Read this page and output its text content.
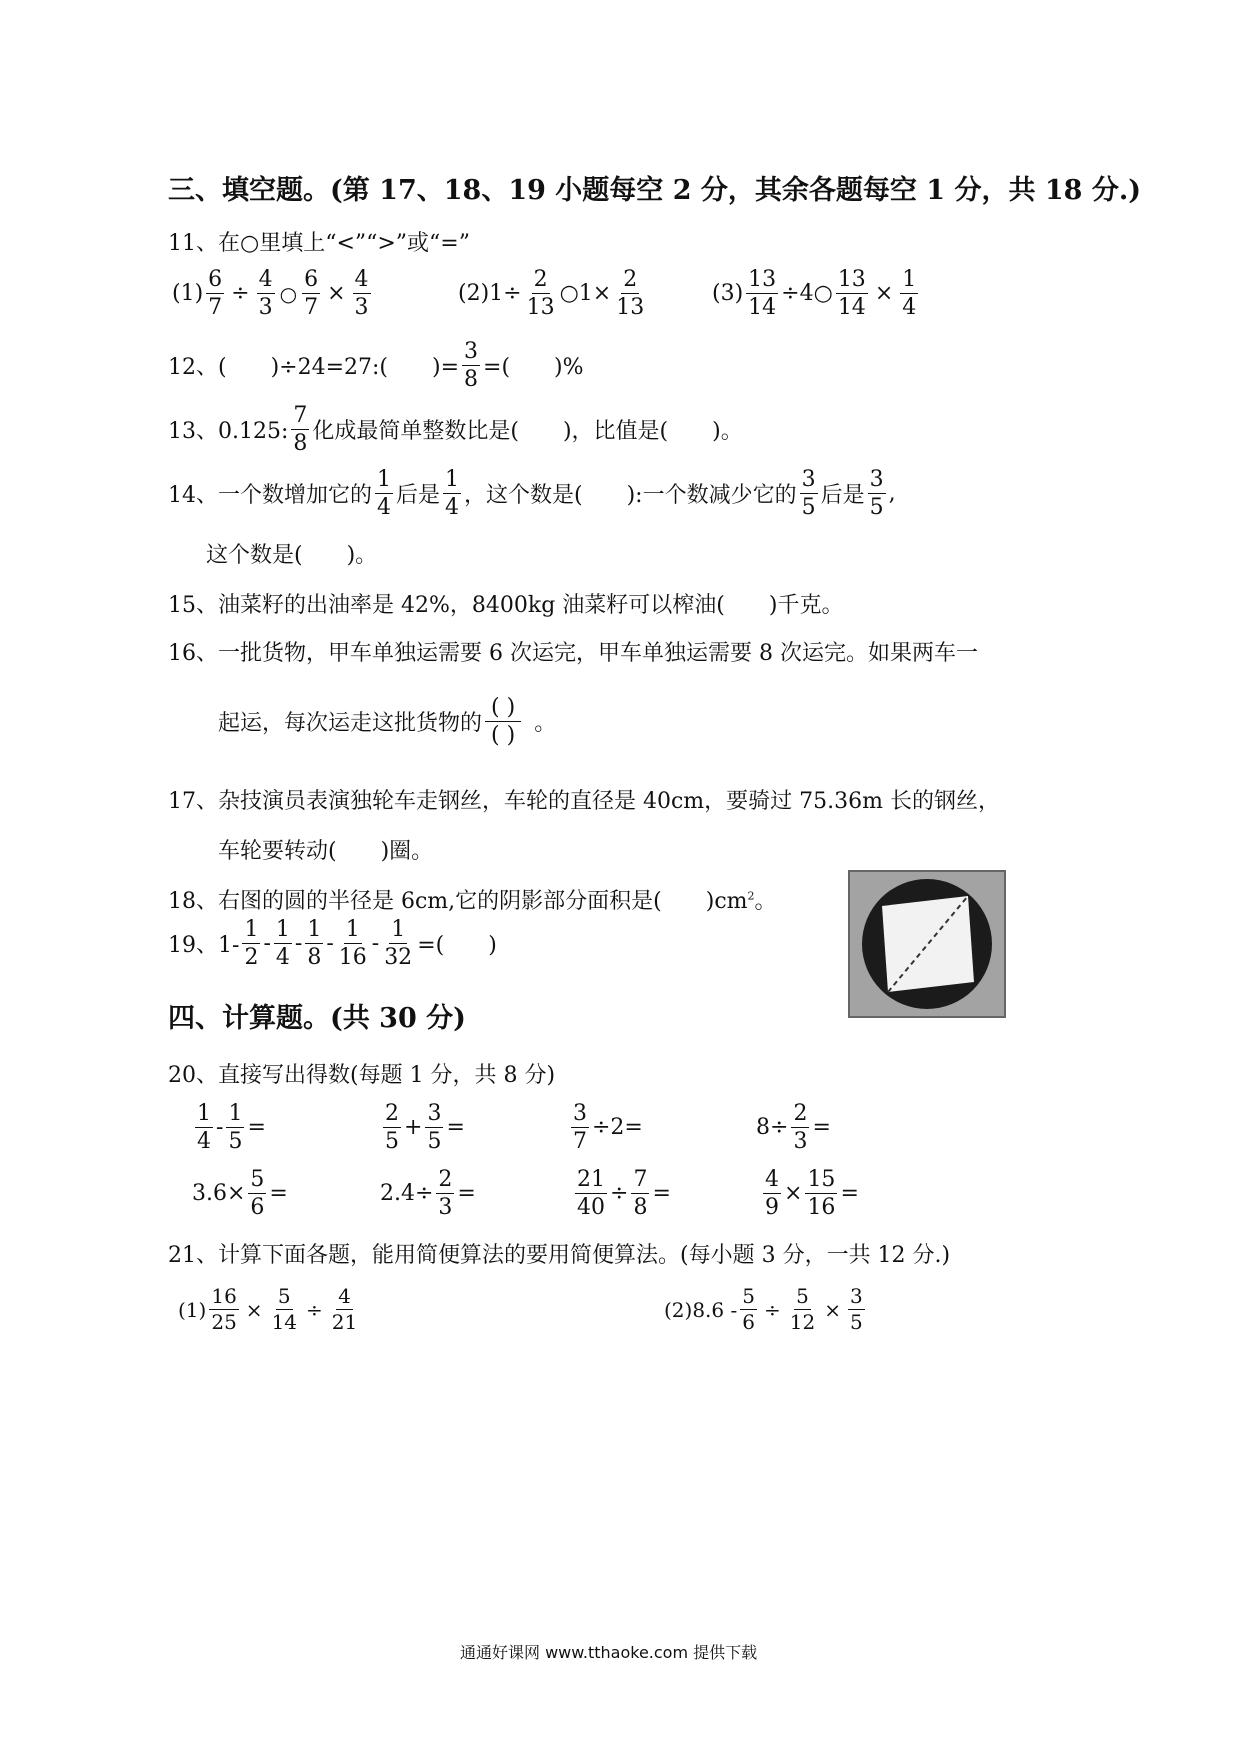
三、填空题。(第 17、18、19 小题每空 2 分，其余各题每空 1 分，共 18 分.)
11、在○里填上“<”“>”或“=”
$(1) \frac{6}{7} \div \frac{4}{3}$ ○ $\frac{6}{7} \times \frac{4}{3}$	$(2)1\div \frac{2}{13}$ ○1× $\frac{2}{13}$	$(3) \frac{13}{14}$ ÷4○ $\frac{13}{14} \times \frac{1}{4}$
12、(　　)÷24=27:(　　)= $\frac{3}{8}$ =(　　)%
13、0.125: $\frac{7}{8}$ 化成最简单整数比是(　　)，比值是(　　)。
14、一个数增加它的 $\frac{1}{4}$ 后是 $\frac{1}{4}$ ，这个数是(　　):一个数减少它的 $\frac{3}{5}$ 后是 $\frac{3}{5}$ ,
这个数是(　　)。
15、油菜籽的出油率是 42%，8400kg 油菜籽可以榨油(　　)千克。
16、一批货物，甲车单独运需要 6 次运完，甲车单独运需要 8 次运完。如果两车一
起运，每次运走这批货物的 $\frac{( )}{( )}$ 。
17、杂技演员表演独轮车走钢丝，车轮的直径是 40cm，要骑过 75.36m 长的钢丝，
车轮要转动(　　)圈。
18、右图的圆的半径是 6cm,它的阴影部分面积是(　　)$cm^2$。
19、$1- \frac{1}{2} - \frac{1}{4} - \frac{1}{8} - \frac{1}{16} - \frac{1}{32}$ =(　　)
四、计算题。(共 30 分)
20、直接写出得数(每题 1 分，共 8 分)
$\frac{1}{4} - \frac{1}{5}$ =	$\frac{2}{5} + \frac{3}{5}$ =	$\frac{3}{7} \div 2=$	$8\div \frac{2}{3}$ =
$3.6\times \frac{5}{6}$ =	$2.4\div \frac{2}{3}$ =	$\frac{21}{40} \div \frac{7}{8}$ =	$\frac{4}{9} \times \frac{15}{16}$ =
21、计算下面各题，能用简便算法的要用简便算法。(每小题 3 分，一共 12 分.)
$(1) \frac{16}{25} \times \frac{5}{14} \div \frac{4}{21}$	$(2)8.6 - \frac{5}{6} \div \frac{5}{12} \times \frac{3}{5}$
通通好课网 www.tthaoke.com 提供下载
